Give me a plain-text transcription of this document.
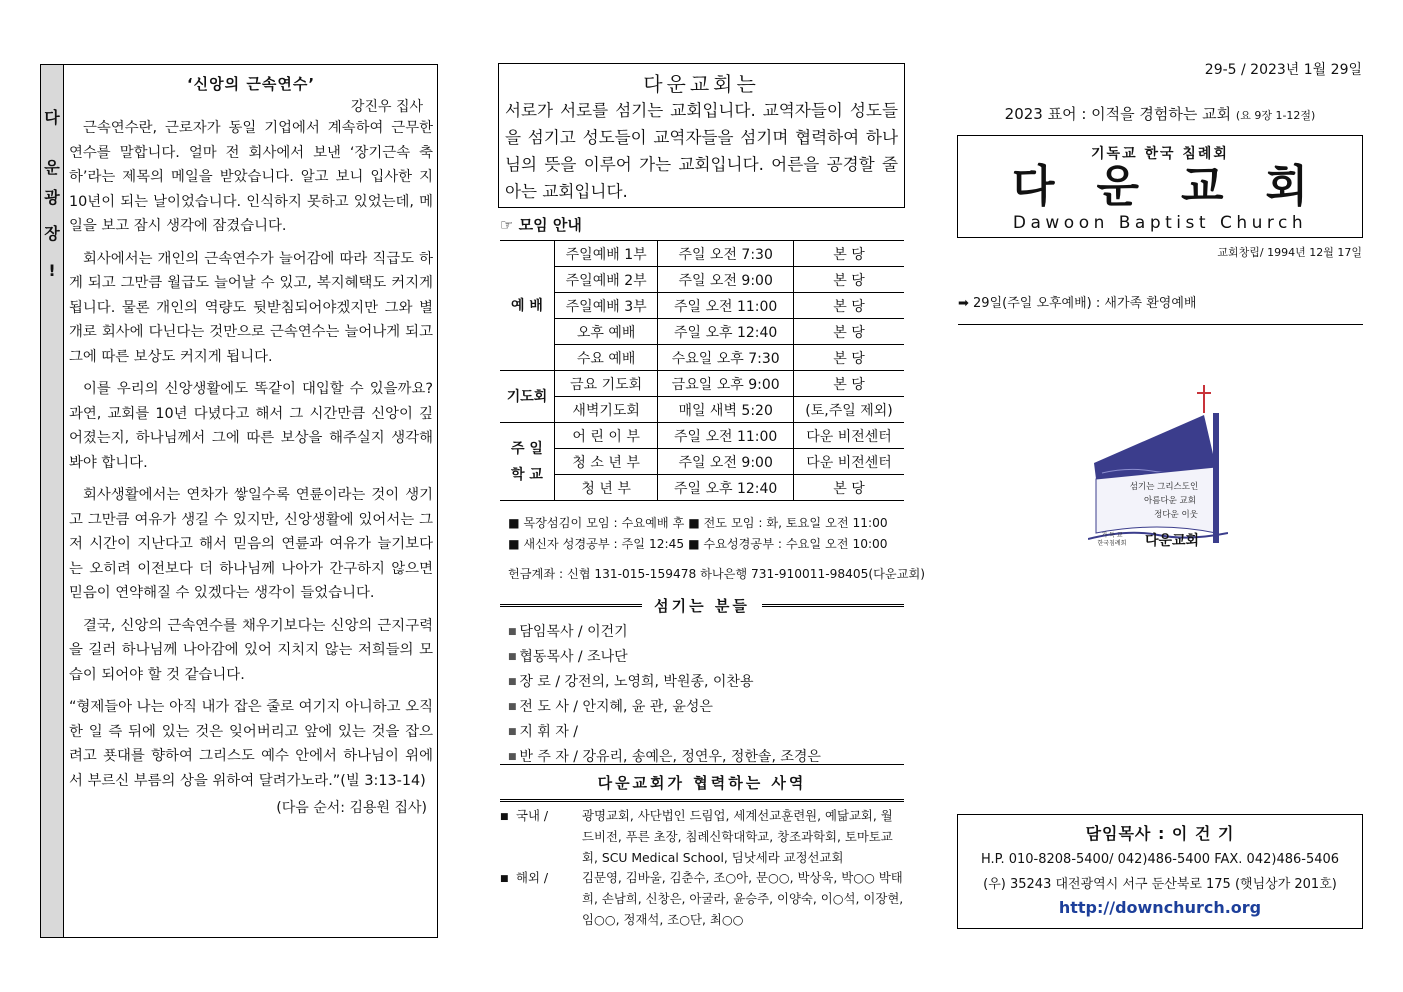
다
운
광
장
!
‘신앙의 근속연수’
강진우 집사

근속연수란, 근로자가 동일 기업에서 계속하여 근무한 연수를 말합니다. 얼마 전 회사에서 보낸 ‘장기근속 축하’라는 제목의 메일을 받았습니다. 알고 보니 입사한 지 10년이 되는 날이었습니다. 인식하지 못하고 있었는데, 메일을 보고 잠시 생각에 잠겼습니다.

회사에서는 개인의 근속연수가 늘어감에 따라 직급도 하게 되고 그만큼 월급도 늘어날 수 있고, 복지혜택도 커지게 됩니다. 물론 개인의 역량도 뒷받침되어야겠지만 그와 별개로 회사에 다닌다는 것만으로 근속연수는 늘어나게 되고 그에 따른 보상도 커지게 됩니다.

이를 우리의 신앙생활에도 똑같이 대입할 수 있을까요? 과연, 교회를 10년 다녔다고 해서 그 시간만큼 신앙이 깊어졌는지, 하나님께서 그에 따른 보상을 해주실지 생각해봐야 합니다.

회사생활에서는 연차가 쌓일수록 연륜이라는 것이 생기고 그만큼 여유가 생길 수 있지만, 신앙생활에 있어서는 그저 시간이 지난다고 해서 믿음의 연륜과 여유가 늘기보다는 오히려 이전보다 더 하나님께 나아가 간구하지 않으면 믿음이 연약해질 수 있겠다는 생각이 들었습니다.

결국, 신앙의 근속연수를 채우기보다는 신앙의 근지구력을 길러 하나님께 나아감에 있어 지치지 않는 저희들의 모습이 되어야 할 것 같습니다.

“형제들아 나는 아직 내가 잡은 줄로 여기지 아니하고 오직 한 일 즉 뒤에 있는 것은 잊어버리고 앞에 있는 것을 잡으려고 푯대를 향하여 그리스도 예수 안에서 하나님이 위에서 부르신 부름의 상을 위하여 달려가노라.”(빌 3:13-14)

(다음 순서: 김용원 집사)
다운교회는
서로가 서로를 섬기는 교회입니다. 교역자들이 성도들을 섬기고 성도들이 교역자들을 섬기며 협력하여 하나님의 뜻을 이루어 가는 교회입니다. 어른을 공경할 줄 아는 교회입니다.
☞ 모임 안내
예 배	주일예배 1부	주일 오전 7:30	본 당
	주일예배 2부	주일 오전 9:00	본 당
	주일예배 3부	주일 오전 11:00	본 당
	오후 예배	주일 오후 12:40	본 당
	수요 예배	수요일 오후 7:30	본 당
기도회	금요 기도회	금요일 오후 9:00	본 당
	새벽기도회	매일 새벽 5:20	(토,주일 제외)
주 일
학 교	어 린 이 부	주일 오전 11:00	다운 비전센터
	청 소 년 부	주일 오전 9:00	다운 비전센터
	청 년 부	주일 오후 12:40	본 당
■ 목장섬김이 모임 : 수요예배 후 ■ 전도 모임 : 화, 토요일 오전 11:00
■ 새신자 성경공부 : 주일 12:45 ■ 수요성경공부 : 수요일 오전 10:00
헌금계좌 : 신협 131-015-159478 하나은행 731-910011-98405(다운교회)
섬기는 분들
■ 담임목사 / 이건기
■ 협동목사 / 조나단
■ 장 로 / 강전의, 노영희, 박원종, 이찬용
■ 전 도 사 / 안지혜, 윤 관, 윤성은
■ 지 휘 자 /
■ 반 주 자 / 강유리, 송예은, 정연우, 정한솔, 조경은
다운교회가 협력하는 사역
■ 국내 /	광명교회, 사단법인 드림업, 세계선교훈련원, 예닮교회, 월드비전, 푸른 초장, 침례신학대학교, 창조과학회, 토마토교회, SCU Medical School, 딤낫세라 교정선교회
■ 해외 /	김문영, 김바울, 김춘수, 조○아, 문○○, 박상욱, 박○○ 박태희, 손남희, 신창은, 아굴라, 윤승주, 이양숙, 이○석, 이장현, 임○○, 정재석, 조○단, 최○○
29-5 / 2023년 1월 29일
2023 표어 : 이적을 경험하는 교회 (요 9장 1-12절)
기독교 한국 침례회
다운교회
Dawoon Baptist Church
교회창립/ 1994년 12월 17일
➡ 29일(주일 오후예배) : 새가족 환영예배
섬기는 그리스도인
아름다운 교회
정다운 이웃
기 독 교
한국침례회 다운교회
담임목사 : 이 건 기
H.P. 010-8208-5400/ 042)486-5400 FAX. 042)486-5406
(우) 35243 대전광역시 서구 둔산북로 175 (햇님상가 201호)
http://downchurch.org
